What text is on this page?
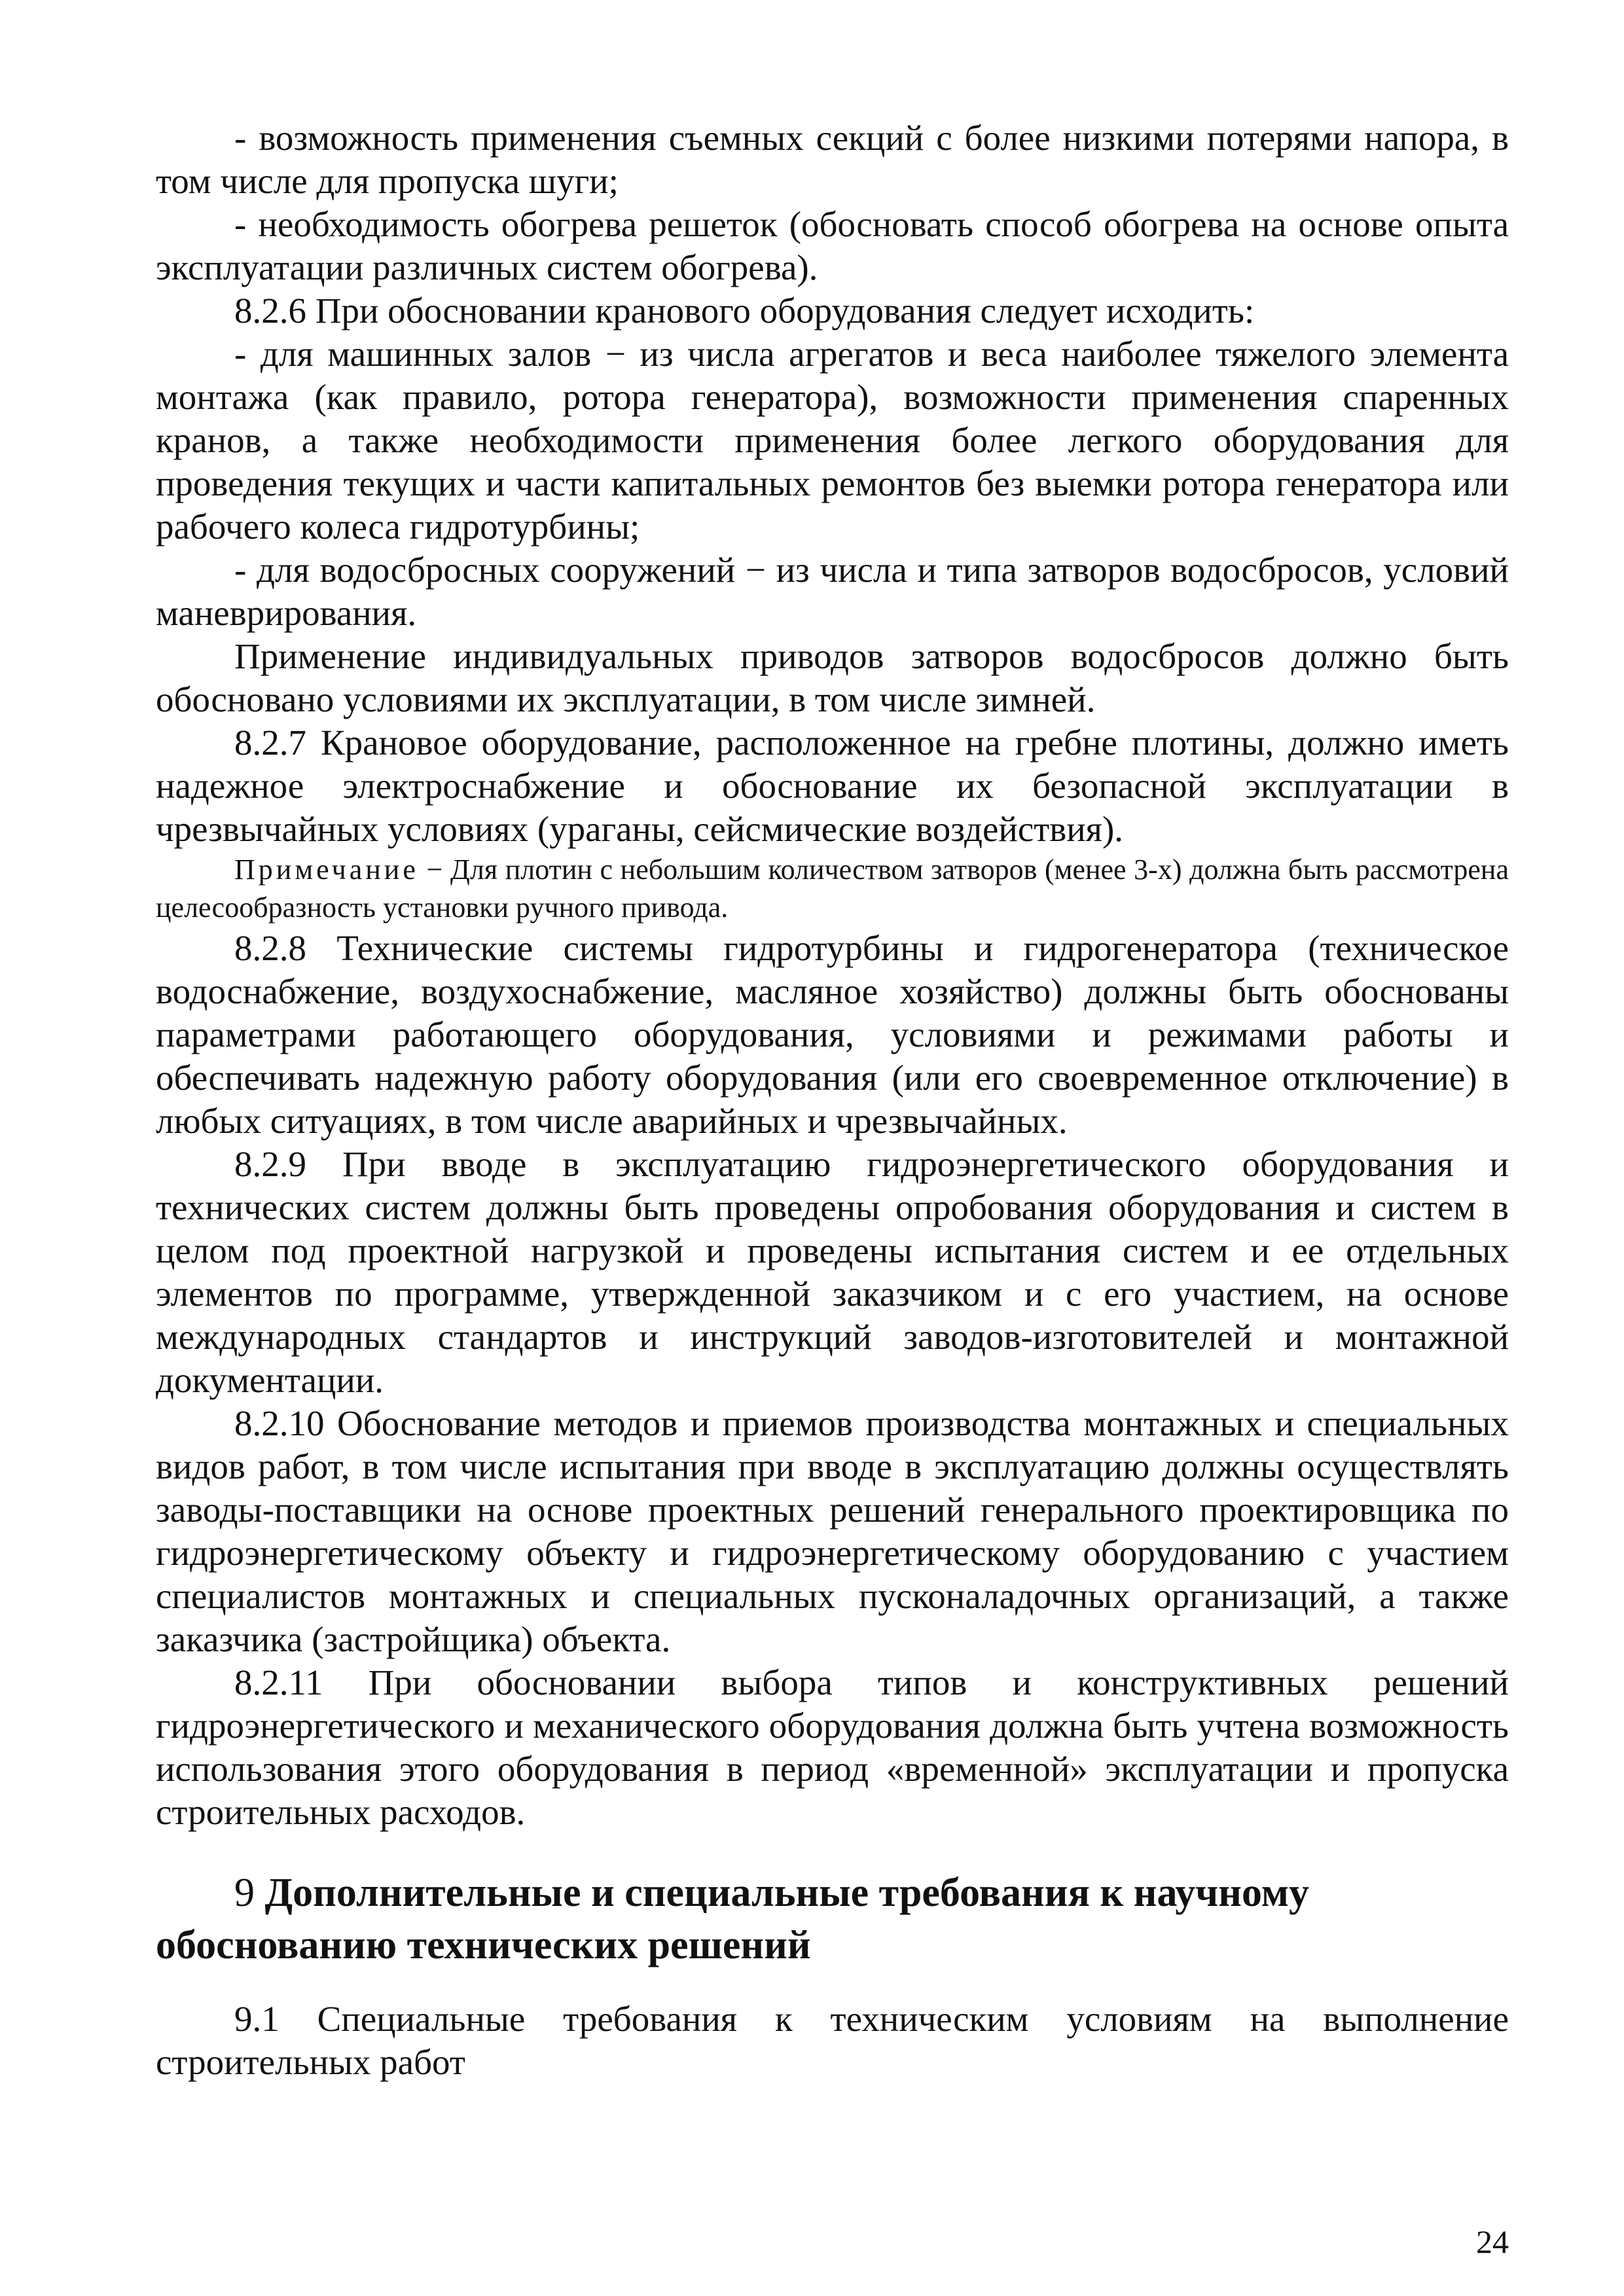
- возможность применения съемных секций с более низкими потерями напора, в том числе для пропуска шуги;

- необходимость обогрева решеток (обосновать способ обогрева на основе опыта эксплуатации различных систем обогрева).

8.2.6 При обосновании кранового оборудования следует исходить:

- для машинных залов − из числа агрегатов и веса наиболее тяжелого элемента монтажа (как правило, ротора генератора), возможности применения спаренных кранов, а также необходимости применения более легкого оборудования для проведения текущих и части капитальных ремонтов без выемки ротора генератора или рабочего колеса гидротурбины;

- для водосбросных сооружений − из числа и типа затворов водосбросов, условий маневрирования.

Применение индивидуальных приводов затворов водосбросов должно быть обосновано условиями их эксплуатации, в том числе зимней.

8.2.7 Крановое оборудование, расположенное на гребне плотины, должно иметь надежное электроснабжение и обоснование их безопасной эксплуатации в чрезвычайных условиях (ураганы, сейсмические воздействия).

Примечание − Для плотин с небольшим количеством затворов (менее 3-х) должна быть рассмотрена целесообразность установки ручного привода.

8.2.8 Технические системы гидротурбины и гидрогенератора (техническое водоснабжение, воздухоснабжение, масляное хозяйство) должны быть обоснованы параметрами работающего оборудования, условиями и режимами работы и обеспечивать надежную работу оборудования (или его своевременное отключение) в любых ситуациях, в том числе аварийных и чрезвычайных.

8.2.9 При вводе в эксплуатацию гидроэнергетического оборудования и технических систем должны быть проведены опробования оборудования и систем в целом под проектной нагрузкой и проведены испытания систем и ее отдельных элементов по программе, утвержденной заказчиком и с его участием, на основе международных стандартов и инструкций заводов-изготовителей и монтажной документации.

8.2.10 Обоснование методов и приемов производства монтажных и специальных видов работ, в том числе испытания при вводе в эксплуатацию должны осуществлять заводы-поставщики на основе проектных решений генерального проектировщика по гидроэнергетическому объекту и гидроэнергетическому оборудованию с участием специалистов монтажных и специальных пусконаладочных организаций, а также заказчика (застройщика) объекта.

8.2.11 При обосновании выбора типов и конструктивных решений гидроэнергетического и механического оборудования должна быть учтена возможность использования этого оборудования в период «временной» эксплуатации и пропуска строительных расходов.

9 Дополнительные и специальные требования к научному
обоснованию технических решений

9.1 Специальные требования к техническим условиям на выполнение строительных работ

24
